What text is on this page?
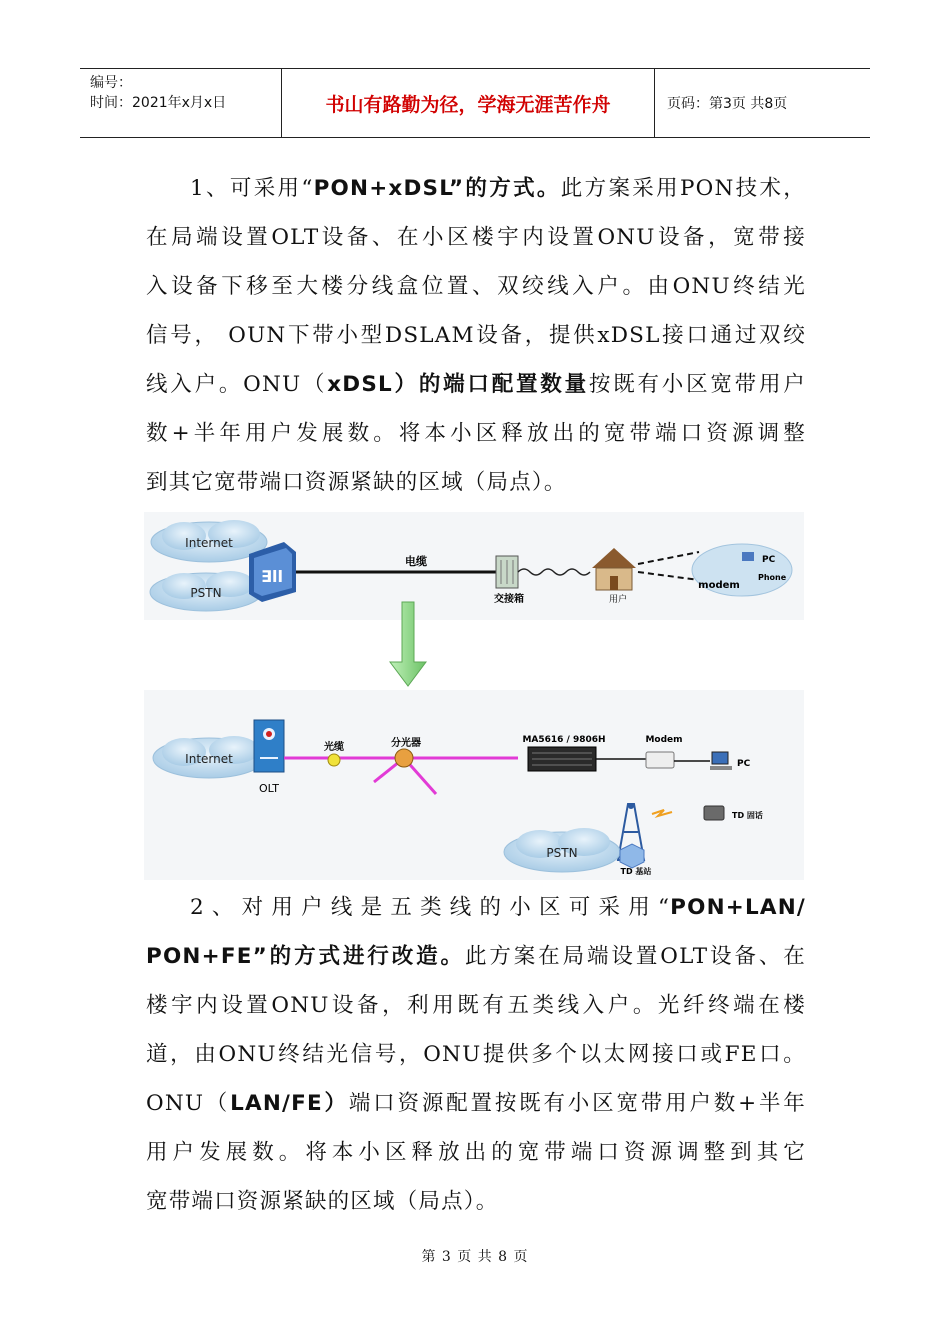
编号：
时间：2021年x月x日	书山有路勤为径，学海无涯苦作舟	页码：第3页 共8页
1、可采用“PON+xDSL”的方式。此方案采用PON技术，
在局端设置OLT设备、在小区楼宇内设置ONU设备，宽带接
入设备下移至大楼分线盒位置、双绞线入户。由ONU终结光
信号， OUN下带小型DSLAM设备，提供xDSL接口通过双绞
线入户。ONU（xDSL）的端口配置数量按既有小区宽带用户
数+半年用户发展数。将本小区释放出的宽带端口资源调整
到其它宽带端口资源紧缺的区域（局点）。
Internet
PSTN
∃ll
电缆
交接箱	用户
modem
PC
Phone
Internet
OLT
光缆	分光器	MA5616 / 9806H	Modem
PC
TD 固话
PSTN
TD 基站
2、对用户线是五类线的小区可采用“PON+LAN/
PON+FE”的方式进行改造。此方案在局端设置OLT设备、在
楼宇内设置ONU设备，利用既有五类线入户。光纤终端在楼
道，由ONU终结光信号，ONU提供多个以太网接口或FE口。
ONU（LAN/FE）端口资源配置按既有小区宽带用户数+半年
用户发展数。将本小区释放出的宽带端口资源调整到其它
宽带端口资源紧缺的区域（局点）。
第 3 页 共 8 页
